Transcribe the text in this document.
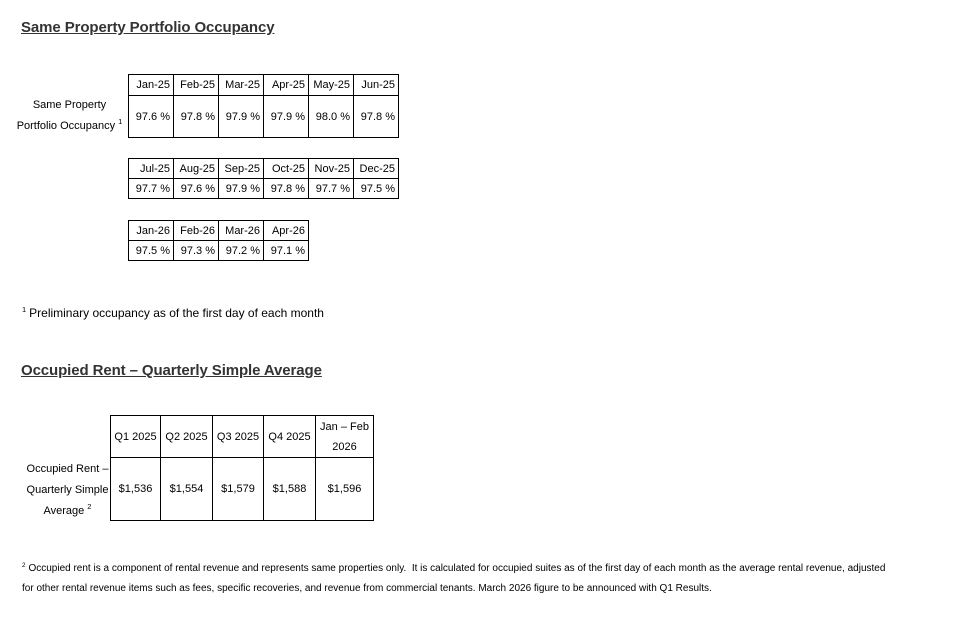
Same Property Portfolio Occupancy
Same Property
Portfolio Occupancy $^1$
Jan-25	Feb-25	Mar-25	Apr-25	May-25	Jun-25
97.6 %	97.8 %	97.9 %	97.9 %	98.0 %	97.8 %
Jul-25	Aug-25	Sep-25	Oct-25	Nov-25	Dec-25
97.7 %	97.6 %	97.9 %	97.8 %	97.7 %	97.5 %
Jan-26	Feb-26	Mar-26	Apr-26
97.5 %	97.3 %	97.2 %	97.1 %
$^1$ Preliminary occupancy as of the first day of each month
Occupied Rent – Quarterly Simple Average
Occupied Rent –
Quarterly Simple
Average $^2$
Q1 2025	Q2 2025	Q3 2025	Q4 2025	Jan – Feb 2026
$1,536	$1,554	$1,579	$1,588	$1,596
$^2$ Occupied rent is a component of rental revenue and represents same properties only.  It is calculated for occupied suites as of the first day of each month as the average rental revenue, adjusted
for other rental revenue items such as fees, specific recoveries, and revenue from commercial tenants. March 2026 figure to be announced with Q1 Results.
